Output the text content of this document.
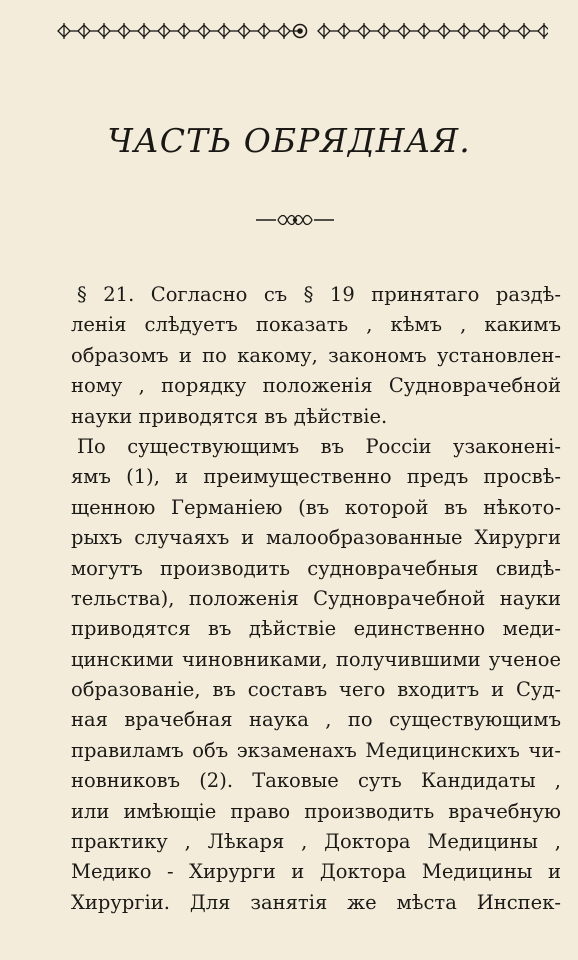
ЧАСТЬ ОБРЯДНАЯ.
§ 21. Согласно съ § 19 принятаго раздѣ-
ленія слѣдуетъ показать , кѣмъ , какимъ
образомъ и по какому, закономъ установлен-
ному , порядку положенія Судноврачебной
науки приводятся въ дѣйствіе.
По существующимъ въ Россіи узаконені-
ямъ (1), и преимущественно предъ просвѣ-
щенною Германіею (въ которой въ нѣкото-
рыхъ случаяхъ и малообразованные Хирурги
могутъ производить судноврачебныя свидѣ-
тельства), положенія Судноврачебной науки
приводятся въ дѣйствіе единственно меди-
цинскими чиновниками, получившими ученое
образованіе, въ составъ чего входитъ и Суд-
ная врачебная наука , по существующимъ
правиламъ объ экзаменахъ Медицинскихъ чи-
новниковъ (2). Таковые суть Кандидаты ,
или имѣющіе право производить врачебную
практику , Лѣкаря , Доктора Медицины ,
Медико - Хирурги и Доктора Медицины и
Хирургіи. Для занятія же мѣста Инспек-
